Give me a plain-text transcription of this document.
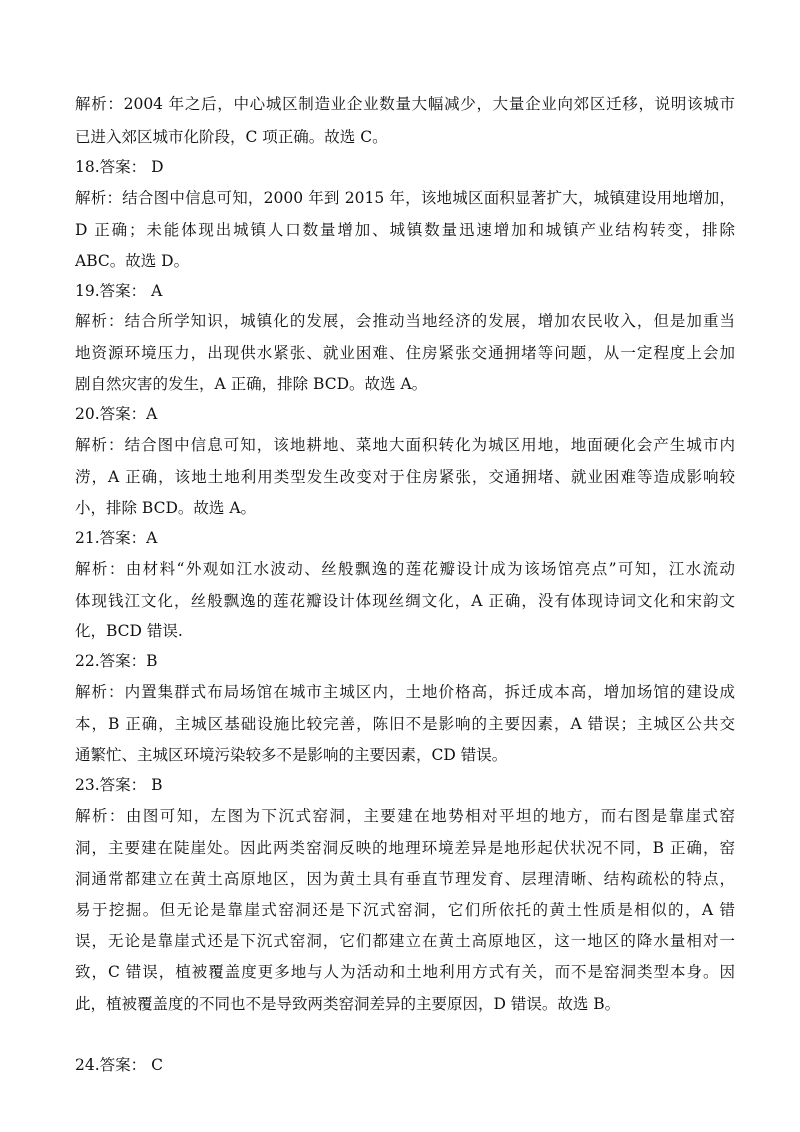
解析：2004 年之后，中心城区制造业企业数量大幅减少，大量企业向郊区迁移，说明该城市
已进入郊区城市化阶段，C 项正确。故选 C。
18.答案： D
解析：结合图中信息可知，2000 年到 2015 年，该地城区面积显著扩大，城镇建设用地增加，
D 正确；未能体现出城镇人口数量增加、城镇数量迅速增加和城镇产业结构转变，排除
ABC。故选 D。
19.答案： A
解析：结合所学知识，城镇化的发展，会推动当地经济的发展，增加农民收入，但是加重当
地资源环境压力，出现供水紧张、就业困难、住房紧张交通拥堵等问题，从一定程度上会加
剧自然灾害的发生，A 正确，排除 BCD。故选 A。
20.答案：A
解析：结合图中信息可知，该地耕地、菜地大面积转化为城区用地，地面硬化会产生城市内
涝，A 正确，该地土地利用类型发生改变对于住房紧张，交通拥堵、就业困难等造成影响较
小，排除 BCD。故选 A。
21.答案：A
解析：由材料“外观如江水波动、丝般飘逸的莲花瓣设计成为该场馆亮点”可知，江水流动
体现钱江文化，丝般飘逸的莲花瓣设计体现丝绸文化，A 正确，没有体现诗词文化和宋韵文
化，BCD 错误.
22.答案：B
解析：内置集群式布局场馆在城市主城区内，土地价格高，拆迁成本高，增加场馆的建设成
本，B 正确，主城区基础设施比较完善，陈旧不是影响的主要因素，A 错误；主城区公共交
通繁忙、主城区环境污染较多不是影响的主要因素，CD 错误。
23.答案： B
解析：由图可知，左图为下沉式窑洞，主要建在地势相对平坦的地方，而右图是靠崖式窑
洞，主要建在陡崖处。因此两类窑洞反映的地理环境差异是地形起伏状况不同，B 正确，窑
洞通常都建立在黄土高原地区，因为黄土具有垂直节理发育、层理清晰、结构疏松的特点，
易于挖掘。但无论是靠崖式窑洞还是下沉式窑洞，它们所依托的黄土性质是相似的，A 错
误，无论是靠崖式还是下沉式窑洞，它们都建立在黄土高原地区，这一地区的降水量相对一
致，C 错误，植被覆盖度更多地与人为活动和土地利用方式有关，而不是窑洞类型本身。因
此，植被覆盖度的不同也不是导致两类窑洞差异的主要原因，D 错误。故选 B。
24.答案： C
